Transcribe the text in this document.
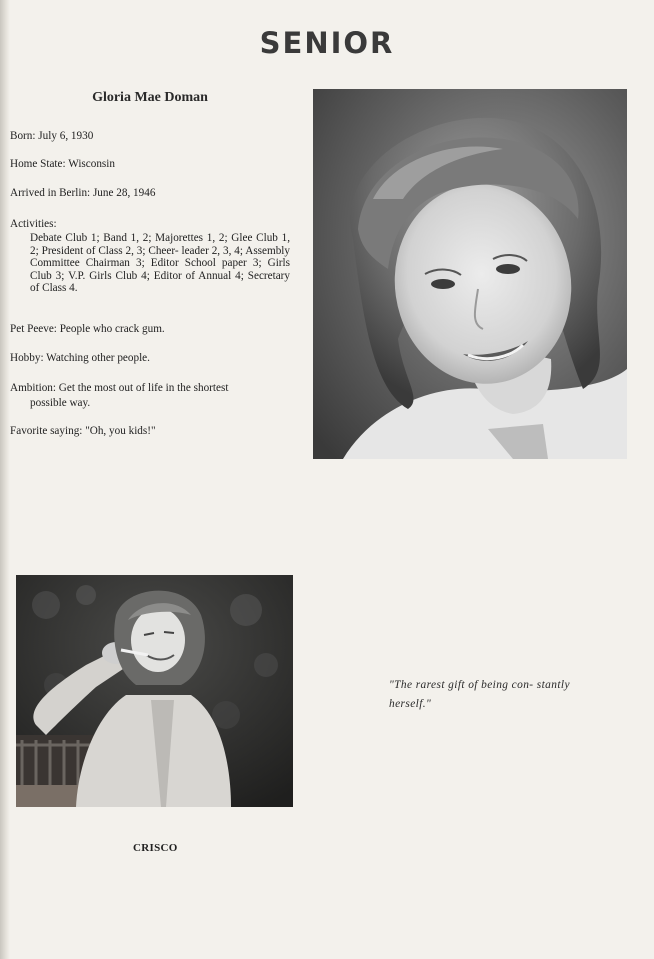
SENIOR
Gloria Mae Doman
Born: July 6, 1930
Home State: Wisconsin
Arrived in Berlin: June 28, 1946
Activities:
Debate Club 1; Band 1, 2; Majorettes 1, 2; Glee Club 1, 2; President of Class 2, 3; Cheer- leader 2, 3, 4; Assembly Committee Chairman 3; Editor School paper 3; Girls Club 3; V.P. Girls Club 4; Editor of Annual 4; Secretary of Class 4.
Pet Peeve: People who crack gum.
Hobby: Watching other people.
Ambition: Get the most out of life in the shortest
possible way.
Favorite saying: "Oh, you kids!"
"The rarest gift of being con- stantly herself."
CRISCO
